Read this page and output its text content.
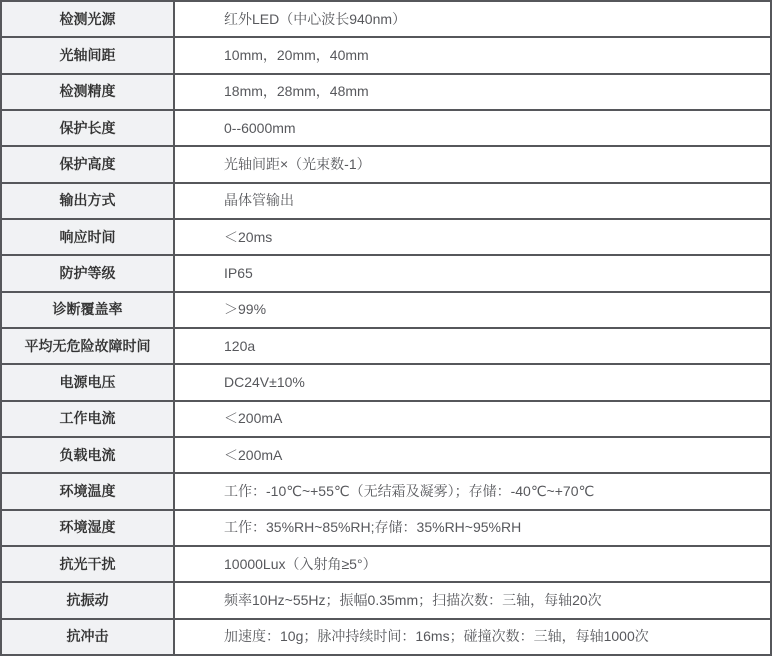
检测光源	红外LED（中心波长940nm）
光轴间距	10mm，20mm，40mm
检测精度	18mm，28mm，48mm
保护长度	0--6000mm
保护高度	光轴间距×（光束数-1）
输出方式	晶体管输出
响应时间	＜20ms
防护等级	IP65
诊断覆盖率	＞99%
平均无危险故障时间	120a
电源电压	DC24V±10%
工作电流	＜200mA
负载电流	＜200mA
环境温度	工作：-10℃~+55℃（无结霜及凝雾）；存储：-40℃~+70℃
环境湿度	工作：35%RH~85%RH;存储：35%RH~95%RH
抗光干扰	10000Lux（入射角≥5°）
抗振动	频率10Hz~55Hz；振幅0.35mm；扫描次数：三轴，每轴20次
抗冲击	加速度：10g；脉冲持续时间：16ms；碰撞次数：三轴，每轴1000次
